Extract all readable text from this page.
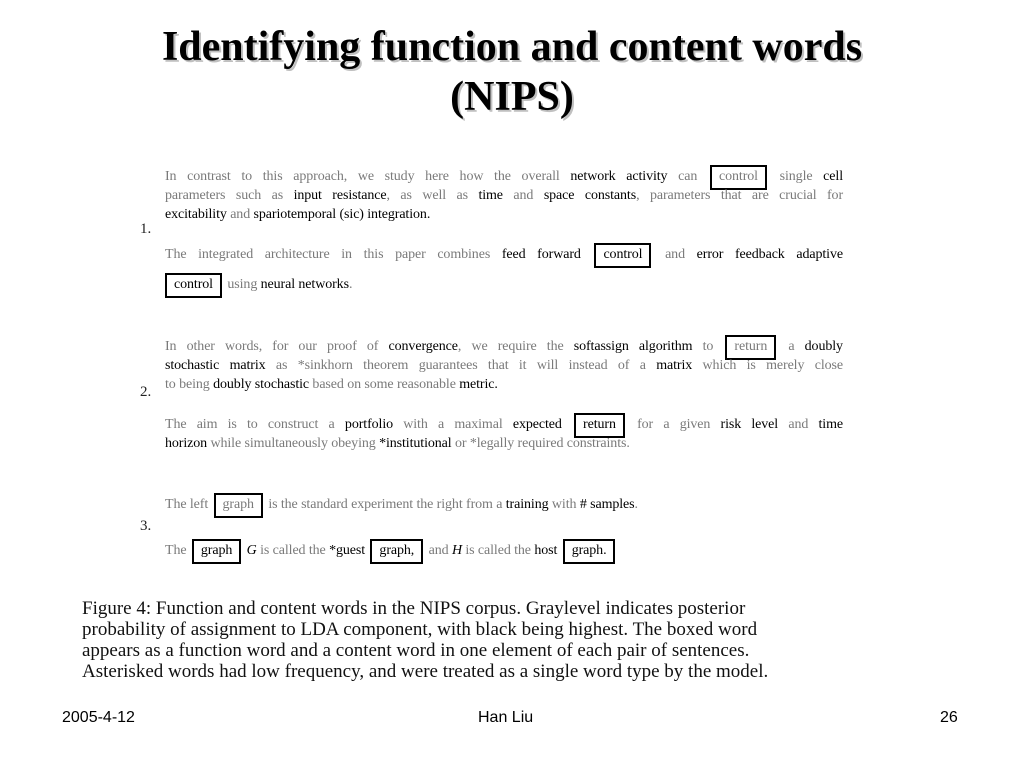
Identifying function and content words
(NIPS)
1.
2.
3.
In contrast to this approach, we study here how the overall network activity can control single cell
parameters such as input resistance, as well as time and space constants, parameters that are crucial for
excitability and spariotemporal (sic) integration.
The integrated architecture in this paper combines feed forward control and error feedback adaptive
control using neural networks.
In other words, for our proof of convergence, we require the softassign algorithm to return a doubly
stochastic matrix as *sinkhorn theorem guarantees that it will instead of a matrix which is merely close
to being doubly stochastic based on some reasonable metric.
The aim is to construct a portfolio with a maximal expected return for a given risk level and time
horizon while simultaneously obeying *institutional or *legally required constraints.
The left graph is the standard experiment the right from a training with # samples.
The graph G is called the *guest graph, and H is called the host graph.
Figure 4: Function and content words in the NIPS corpus. Graylevel indicates posterior
probability of assignment to LDA component, with black being highest. The boxed word
appears as a function word and a content word in one element of each pair of sentences.
Asterisked words had low frequency, and were treated as a single word type by the model.
2005-4-12	Han Liu	26
